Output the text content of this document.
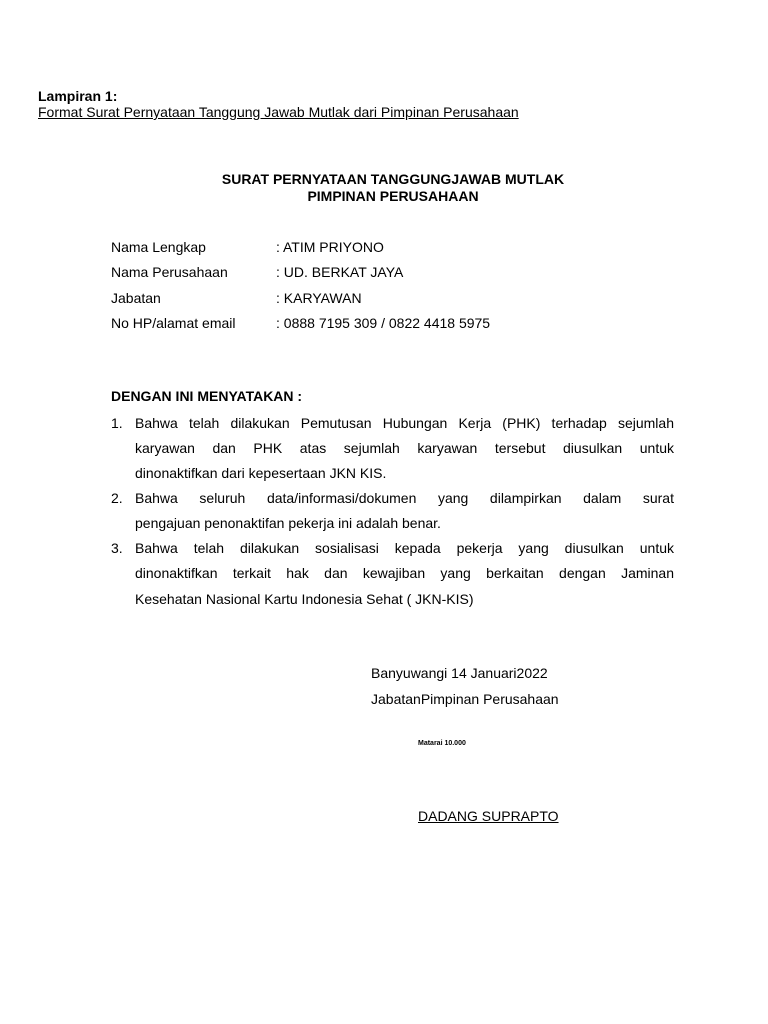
Lampiran 1:
Format Surat Pernyataan Tanggung Jawab Mutlak dari Pimpinan Perusahaan
SURAT PERNYATAAN TANGGUNGJAWAB MUTLAK
PIMPINAN PERUSAHAAN
Nama Lengkap	: ATIM PRIYONO
Nama Perusahaan	: UD. BERKAT JAYA
Jabatan	: KARYAWAN
No HP/alamat email	: 0888 7195 309 / 0822 4418 5975
DENGAN INI MENYATAKAN :
1. Bahwa telah dilakukan Pemutusan Hubungan Kerja (PHK) terhadap sejumlah
karyawan dan PHK atas sejumlah karyawan tersebut diusulkan untuk
dinonaktifkan dari kepesertaan JKN KIS.
2. Bahwa seluruh data/informasi/dokumen yang dilampirkan dalam surat
pengajuan penonaktifan pekerja ini adalah benar.
3. Bahwa telah dilakukan sosialisasi kepada pekerja yang diusulkan untuk
dinonaktifkan terkait hak dan kewajiban yang berkaitan dengan Jaminan
Kesehatan Nasional Kartu Indonesia Sehat ( JKN-KIS)
Banyuwangi 14 Januari2022
JabatanPimpinan Perusahaan
Matarai 10.000
DADANG SUPRAPTO
